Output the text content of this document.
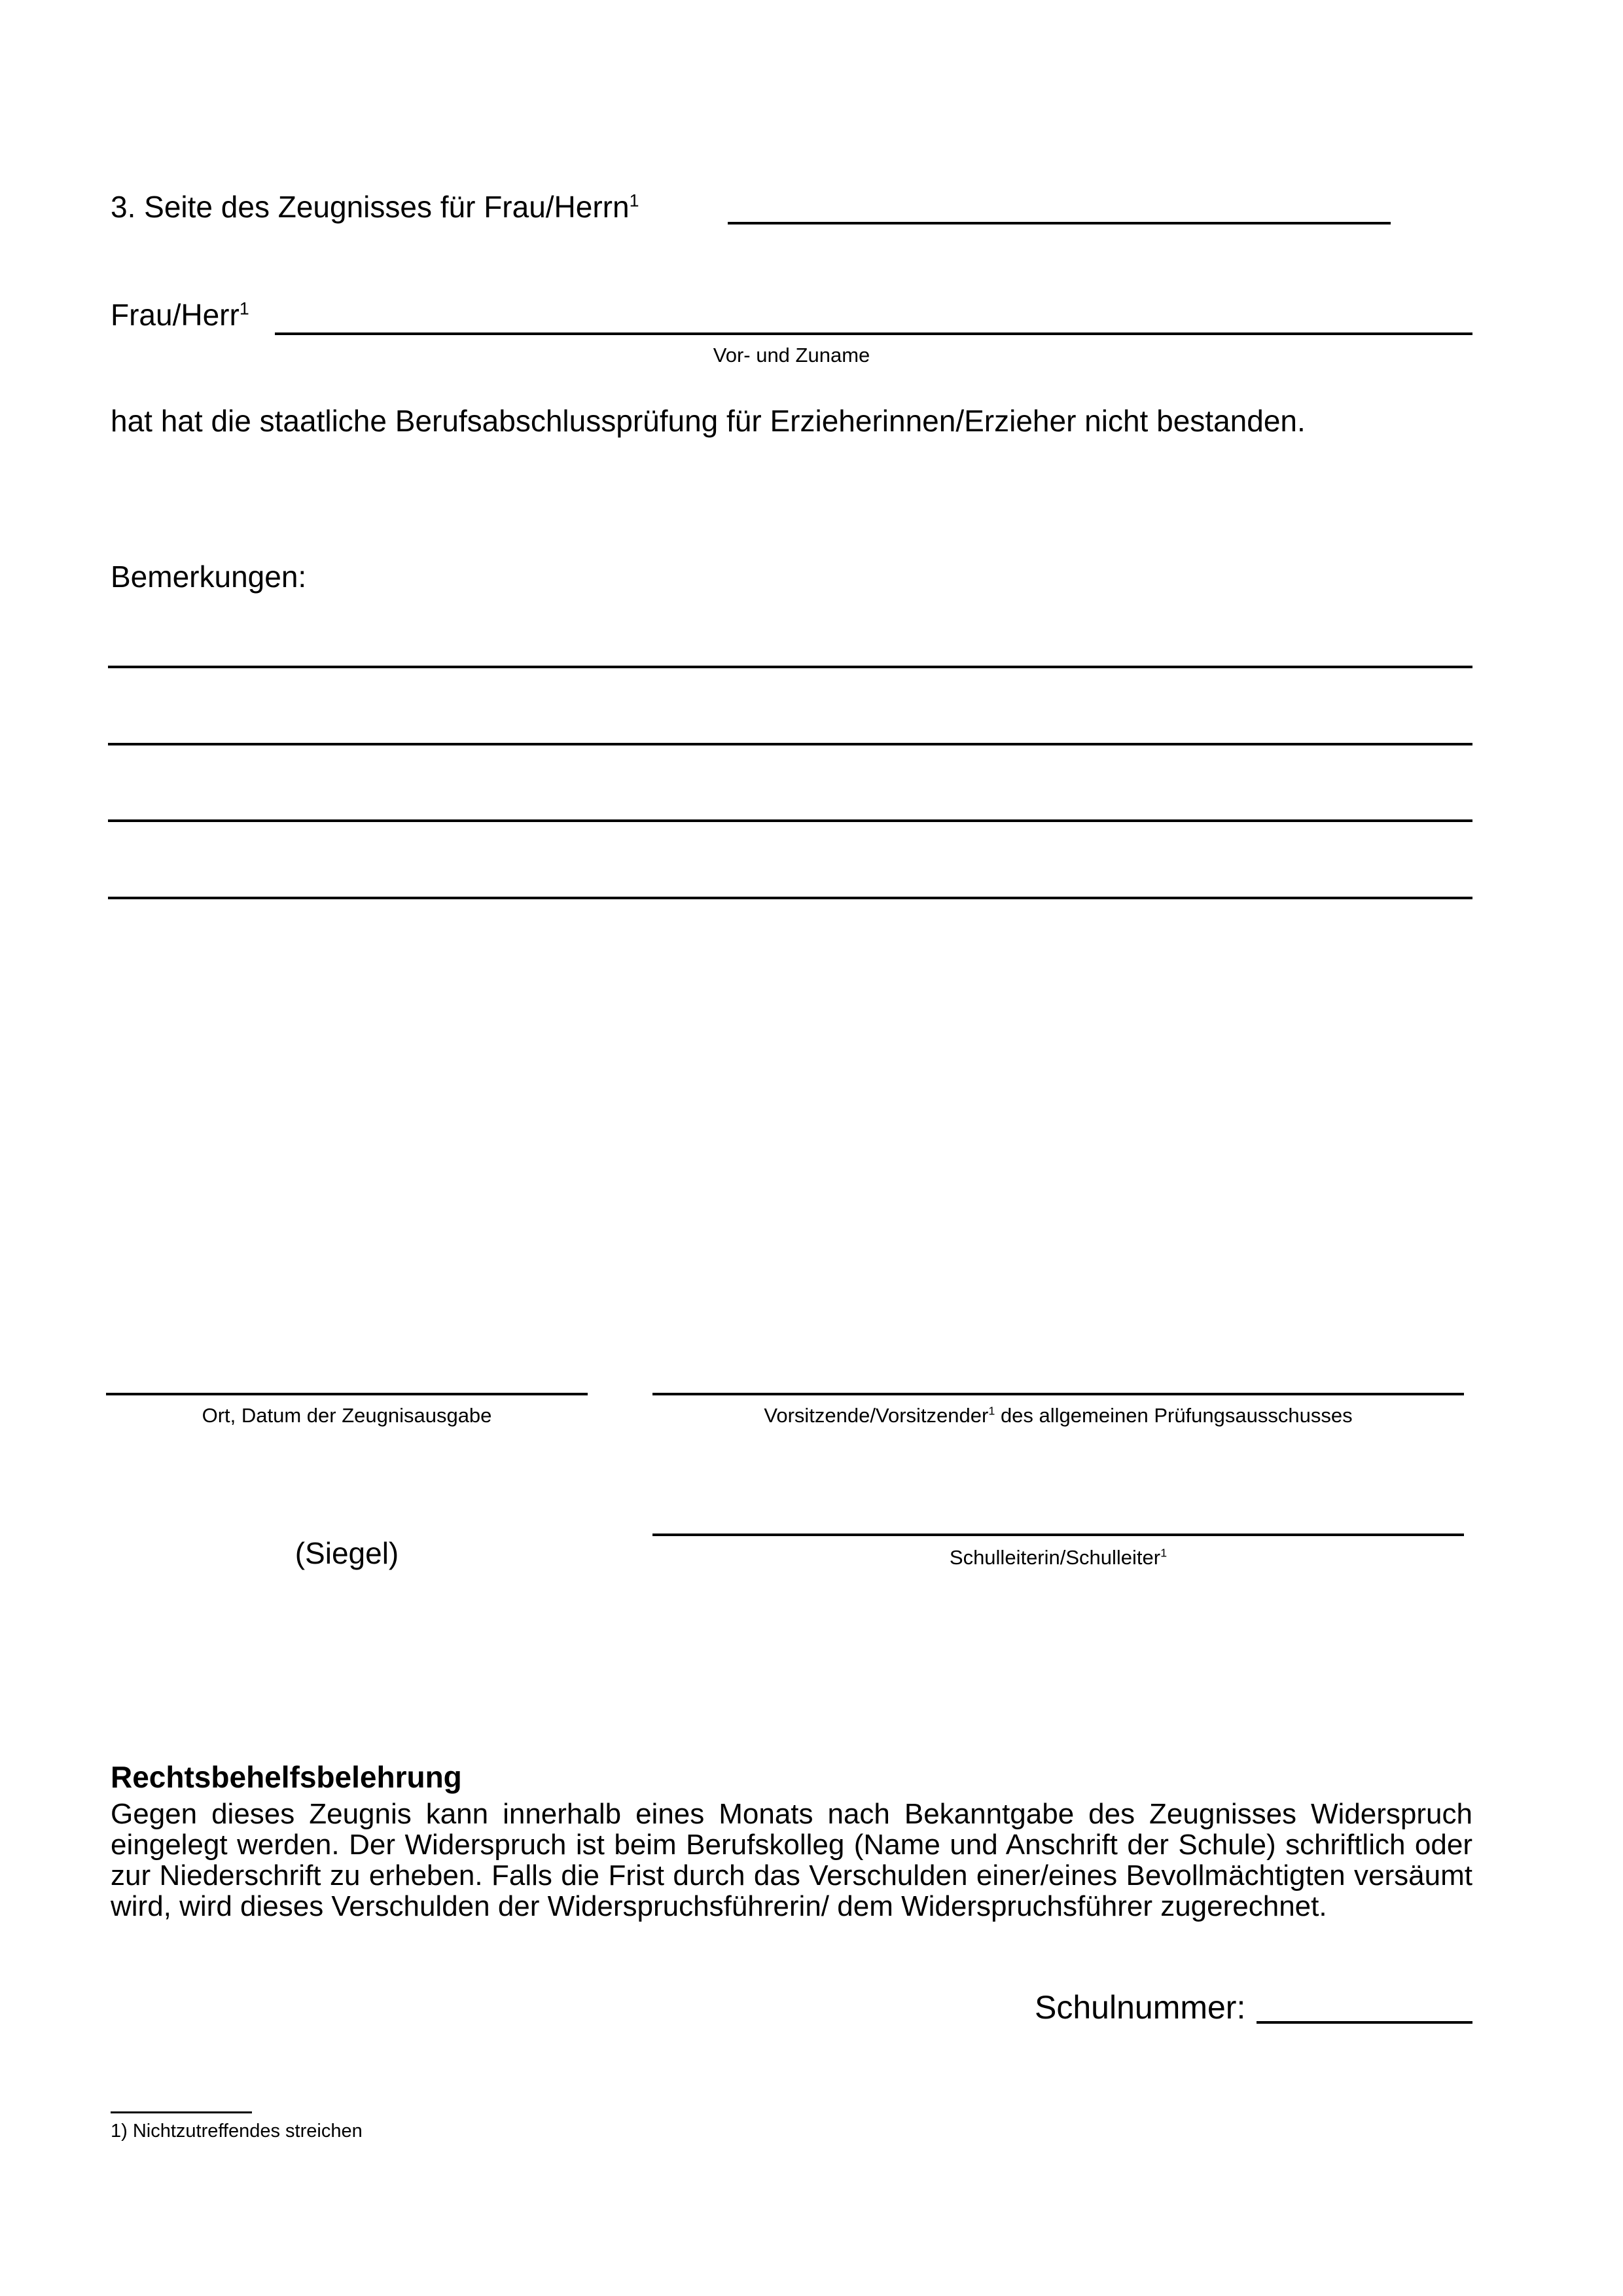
3. Seite des Zeugnisses für Frau/Herrn$^1$
Frau/Herr$^1$
Vor- und Zuname
hat hat die staatliche Berufsabschlussprüfung für Erzieherinnen/Erzieher nicht bestanden.
Bemerkungen:
Ort, Datum der Zeugnisausgabe	Vorsitzende/Vorsitzender$^1$ des allgemeinen Prüfungsausschusses
(Siegel)	Schulleiterin/Schulleiter$^1$
Rechtsbehelfsbelehrung
Gegen dieses Zeugnis kann innerhalb eines Monats nach Bekanntgabe des Zeugnisses Widerspruch eingelegt werden. Der Widerspruch ist beim Berufskolleg (Name und Anschrift der Schule) schriftlich oder zur Niederschrift zu erheben. Falls die Frist durch das Verschulden einer/eines Bevollmächtigten versäumt wird, wird dieses Verschulden der Widerspruchsführerin/ dem Widerspruchsführer zugerechnet.
Schulnummer:
1) Nichtzutreffendes streichen
